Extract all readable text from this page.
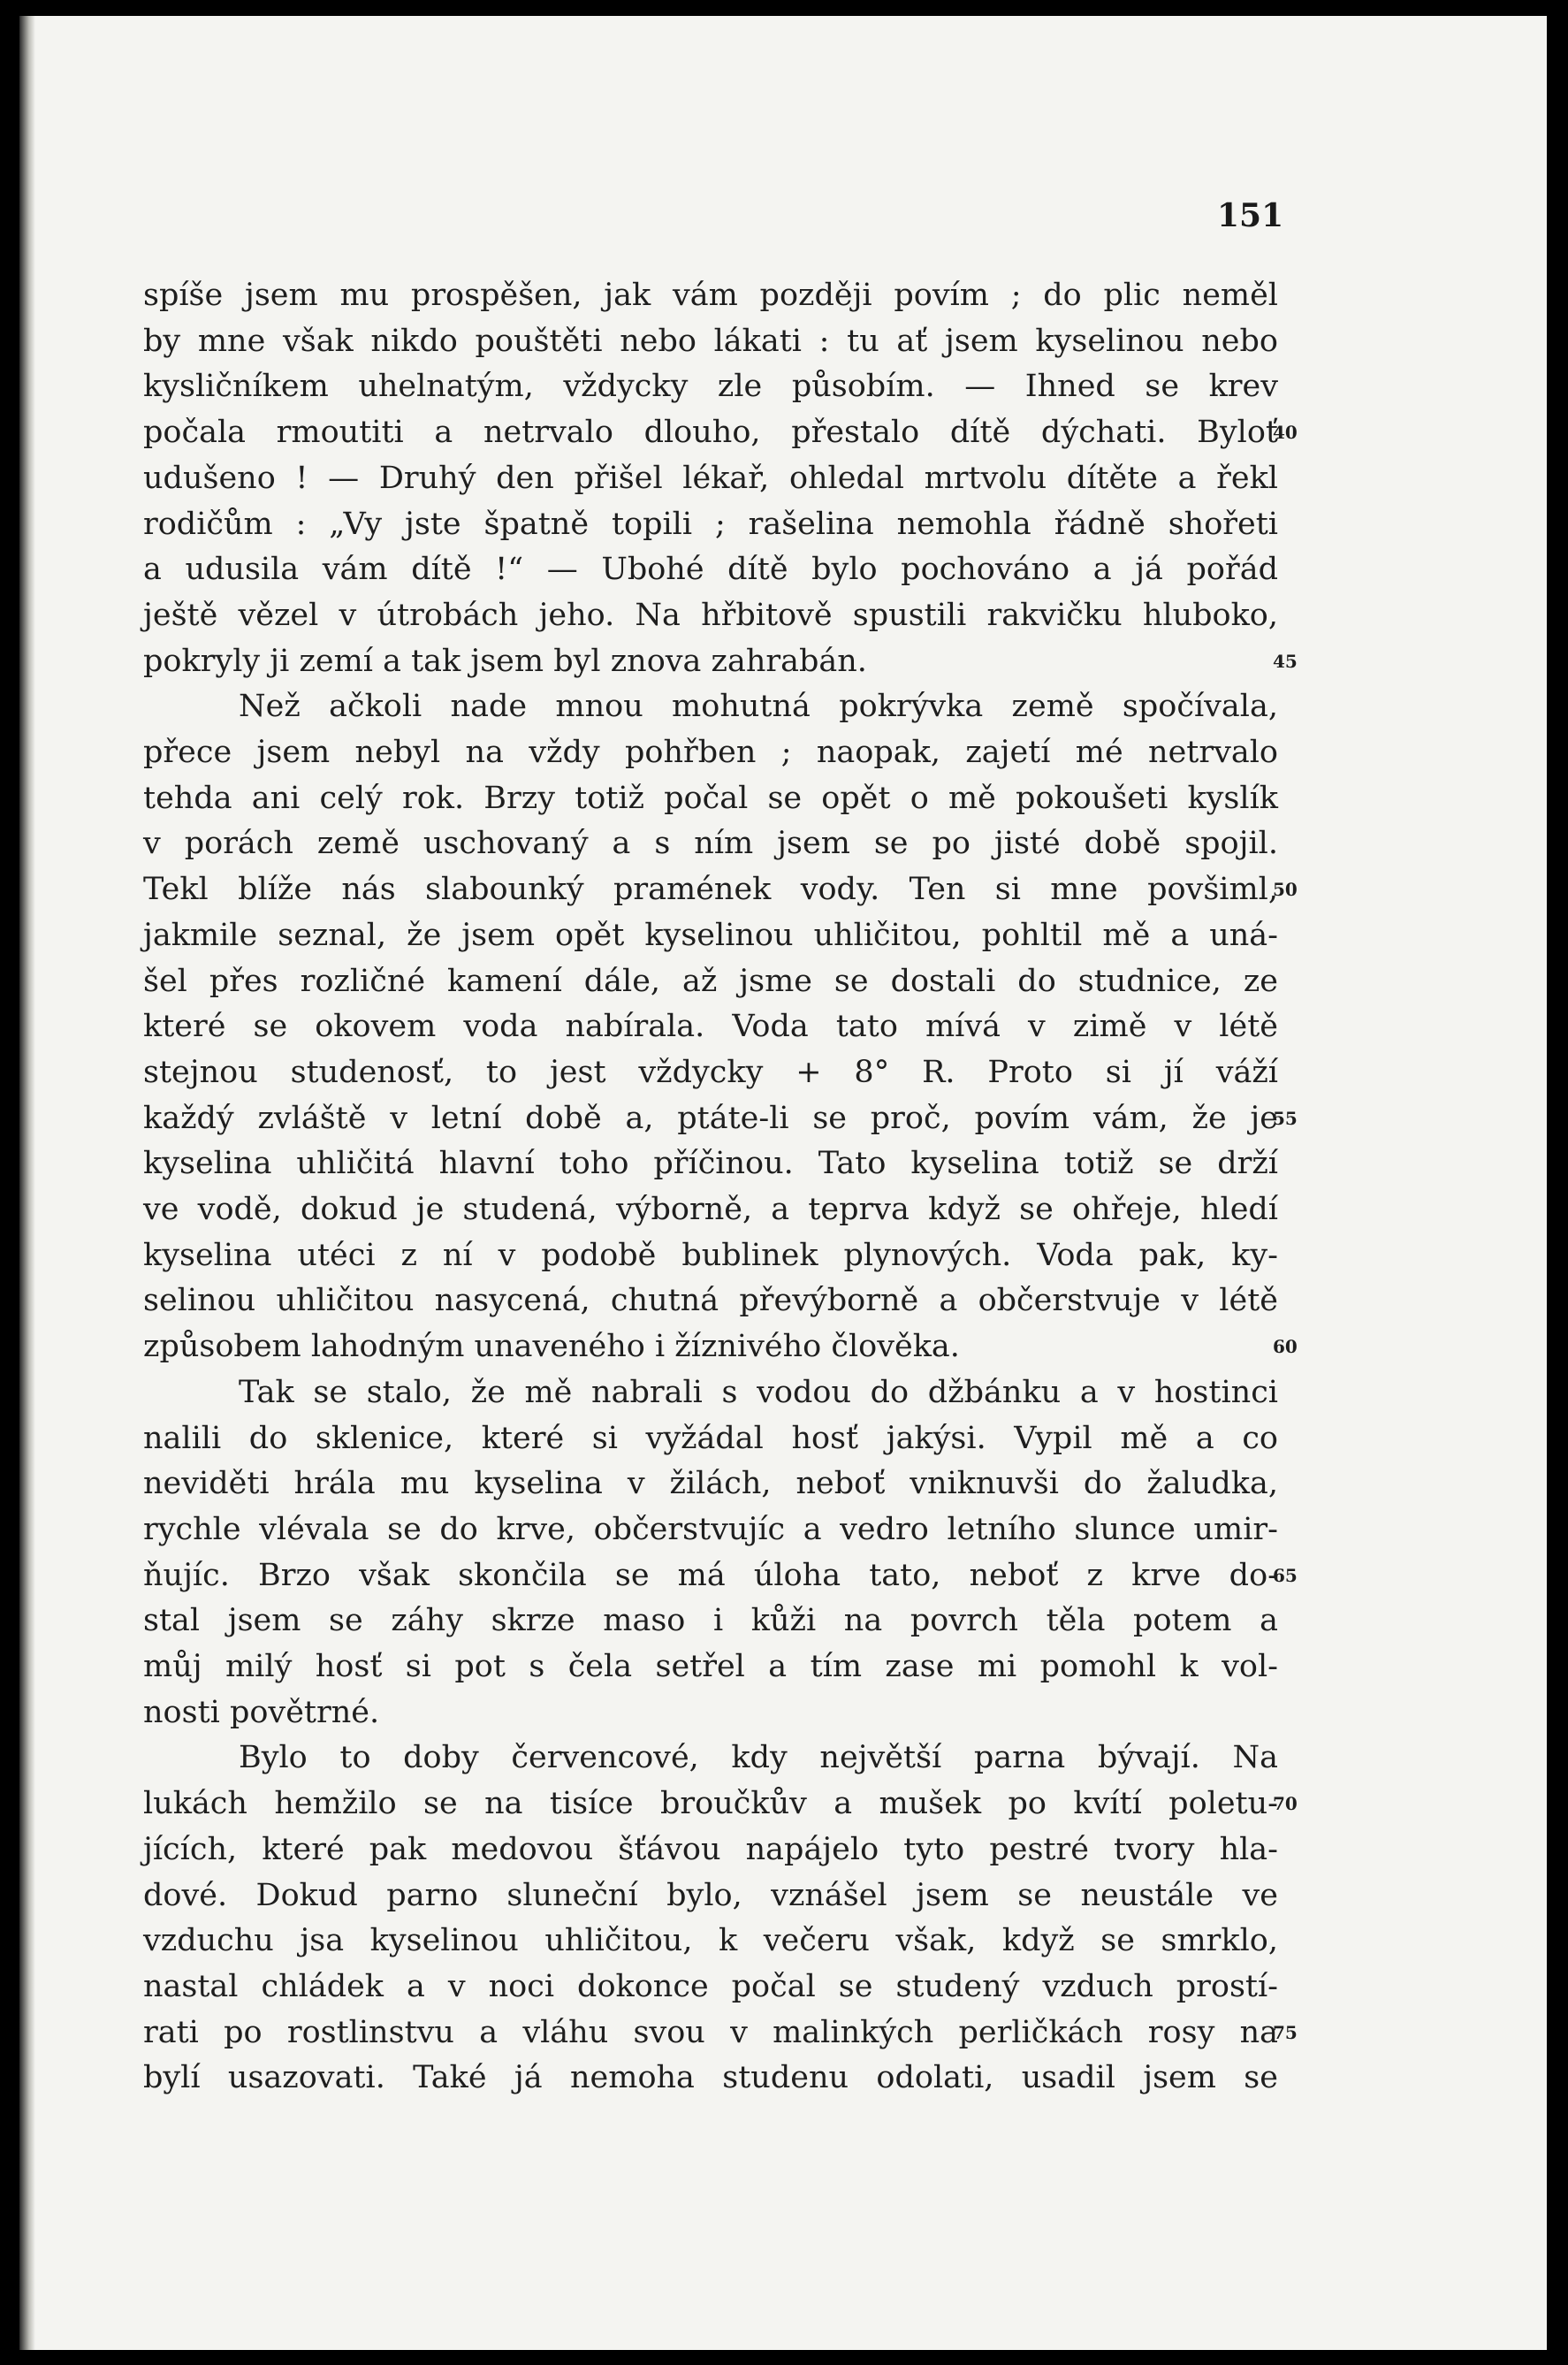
151
spíše jsem mu prospěšen, jak vám později povím ; do plic neměl
by mne však nikdo pouštěti nebo lákati : tu ať jsem kyselinou nebo
kysličníkem uhelnatým, vždycky zle působím. — Ihned se krev
počala rmoutiti a netrvalo dlouho, přestalo dítě dýchati. Byloť
udušeno ! — Druhý den přišel lékař, ohledal mrtvolu dítěte a řekl
rodičům : „Vy jste špatně topili ; rašelina nemohla řádně shořeti
a udusila vám dítě !“ — Ubohé dítě bylo pochováno a já pořád
ještě vězel v útrobách jeho. Na hřbitově spustili rakvičku hluboko,
pokryly ji zemí a tak jsem byl znova zahrabán.
Než ačkoli nade mnou mohutná pokrývka země spočívala,
přece jsem nebyl na vždy pohřben ; naopak, zajetí mé netrvalo
tehda ani celý rok. Brzy totiž počal se opět o mě pokoušeti kyslík
v porách země uschovaný a s ním jsem se po jisté době spojil.
Tekl blíže nás slabounký pramének vody. Ten si mne povšiml,
jakmile seznal, že jsem opět kyselinou uhličitou, pohltil mě a uná-
šel přes rozličné kamení dále, až jsme se dostali do studnice, ze
které se okovem voda nabírala. Voda tato mívá v zimě v létě
stejnou studenosť, to jest vždycky + 8° R. Proto si jí váží
každý zvláště v letní době a, ptáte-li se proč, povím vám, že je
kyselina uhličitá hlavní toho příčinou. Tato kyselina totiž se drží
ve vodě, dokud je studená, výborně, a teprva když se ohřeje, hledí
kyselina utéci z ní v podobě bublinek plynových. Voda pak, ky-
selinou uhličitou nasycená, chutná převýborně a občerstvuje v létě
způsobem lahodným unaveného i žíznivého člověka.
Tak se stalo, že mě nabrali s vodou do džbánku a v hostinci
nalili do sklenice, které si vyžádal hosť jakýsi. Vypil mě a co
neviděti hrála mu kyselina v žilách, neboť vniknuvši do žaludka,
rychle vlévala se do krve, občerstvujíc a vedro letního slunce umir-
ňujíc. Brzo však skončila se má úloha tato, neboť z krve do-
stal jsem se záhy skrze maso i kůži na povrch těla potem a
můj milý hosť si pot s čela setřel a tím zase mi pomohl k vol-
nosti povětrné.
Bylo to doby červencové, kdy největší parna bývají. Na
lukách hemžilo se na tisíce broučkův a mušek po kvítí poletu-
jících, které pak medovou šťávou napájelo tyto pestré tvory hla-
dové. Dokud parno sluneční bylo, vznášel jsem se neustále ve
vzduchu jsa kyselinou uhličitou, k večeru však, když se smrklo,
nastal chládek a v noci dokonce počal se studený vzduch prostí-
rati po rostlinstvu a vláhu svou v malinkých perličkách rosy na
bylí usazovati. Také já nemoha studenu odolati, usadil jsem se
40
45
50
55
60
65
70
75
